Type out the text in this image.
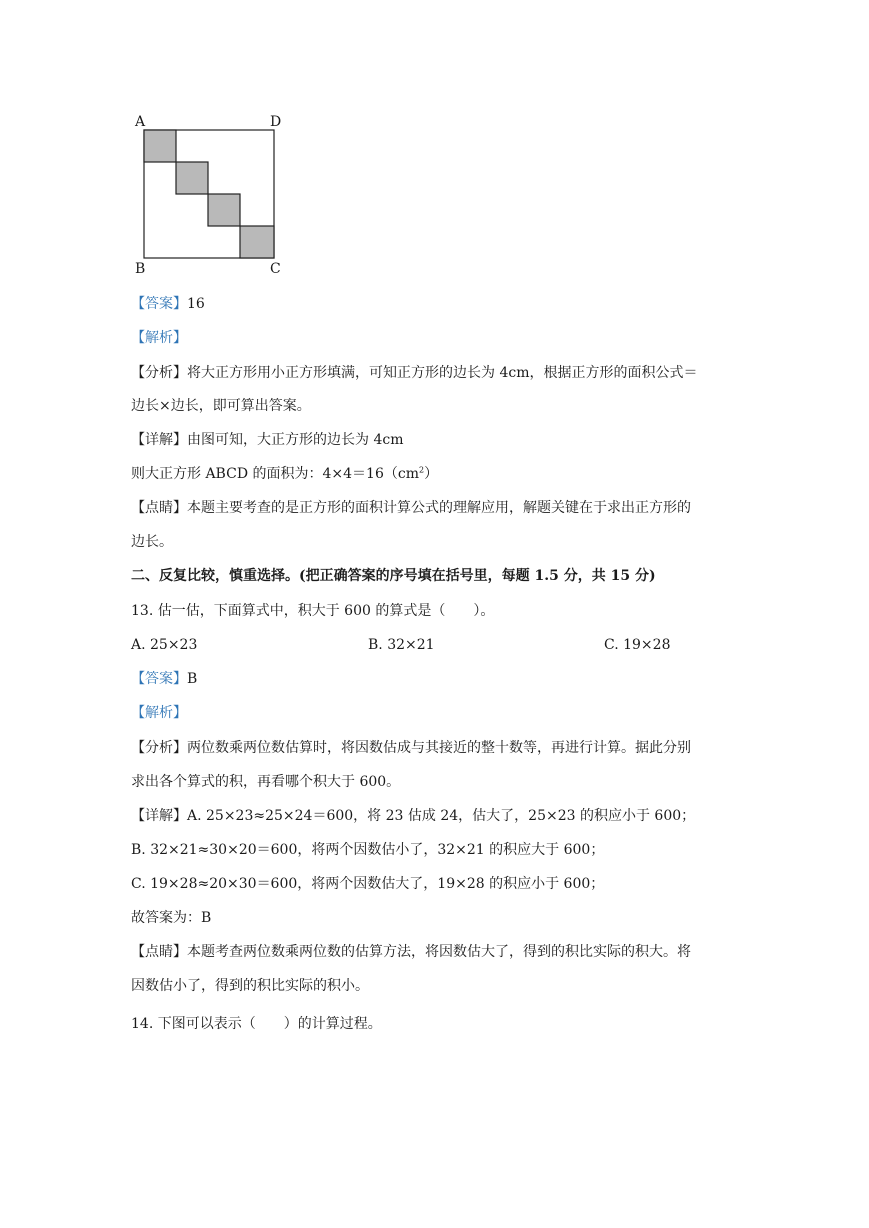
A	D
B	C
【答案】16
【解析】
【分析】将大正方形用小正方形填满，可知正方形的边长为 4cm，根据正方形的面积公式＝
边长×边长，即可算出答案。
【详解】由图可知，大正方形的边长为 4cm
则大正方形 ABCD 的面积为：$4\times 4=16(cm^2)$
【点睛】本题主要考查的是正方形的面积计算公式的理解应用，解题关键在于求出正方形的
边长。
二、反复比较，慎重选择。(把正确答案的序号填在括号里，每题 1.5 分，共 15 分)
13. 估一估，下面算式中，积大于 600 的算式是（　　）。
A. 25×23	B. 32×21	C. 19×28
【答案】B
【解析】
【分析】两位数乘两位数估算时，将因数估成与其接近的整十数等，再进行计算。据此分别
求出各个算式的积，再看哪个积大于 600。
【详解】A. 25×23≈25×24＝600，将 23 估成 24，估大了，25×23 的积应小于 600；
B. 32×21≈30×20＝600，将两个因数估小了，32×21 的积应大于 600；
C. 19×28≈20×30＝600，将两个因数估大了，19×28 的积应小于 600；
故答案为：B
【点睛】本题考查两位数乘两位数的估算方法，将因数估大了，得到的积比实际的积大。将
因数估小了，得到的积比实际的积小。
14. 下图可以表示（　　）的计算过程。
